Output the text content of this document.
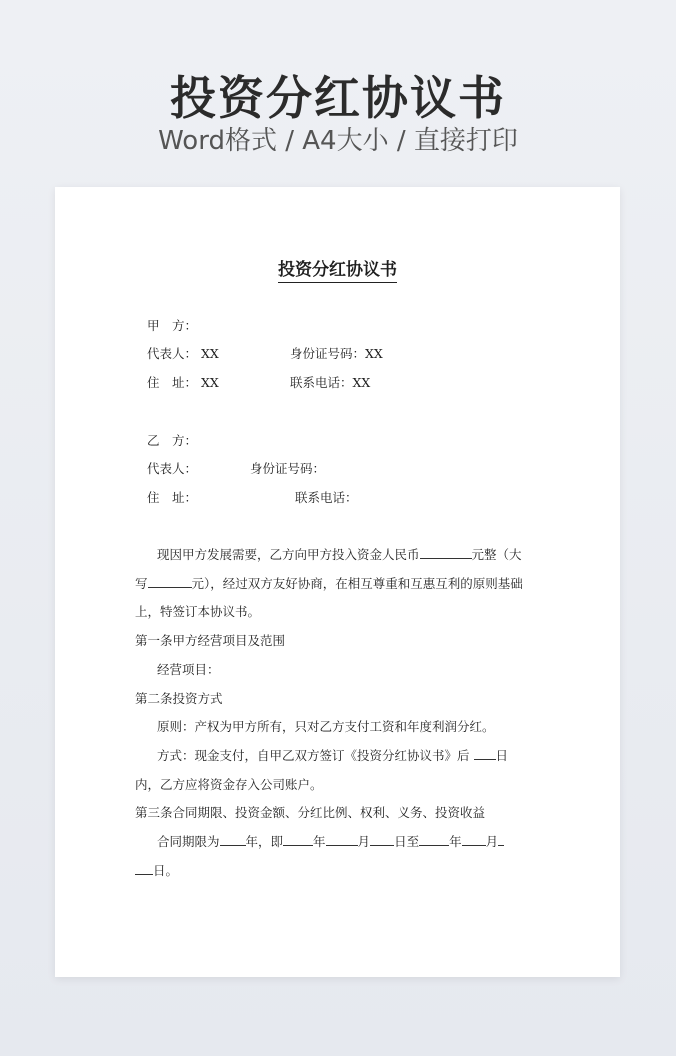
投资分红协议书
Word格式 / A4大小 / 直接打印
投资分红协议书
甲　方：
代表人： XX	身份证号码：XX
住　址： XX	联系电话：XX
乙　方：
代表人：	身份证号码：
住　址：	联系电话：
现因甲方发展需要，乙方向甲方投入资金人民币	元整（大
写	元），经过双方友好协商，在相互尊重和互惠互利的原则基础
上，特签订本协议书。
第一条甲方经营项目及范围
经营项目：
第二条投资方式
原则：产权为甲方所有，只对乙方支付工资和年度利润分红。
方式：现金支付，自甲乙双方签订《投资分红协议书》后 日
内，乙方应将资金存入公司账户。
第三条合同期限、投资金额、分红比例、权利、义务、投资收益
合同期限为 年，即 年	月 日至 年 月
日。
